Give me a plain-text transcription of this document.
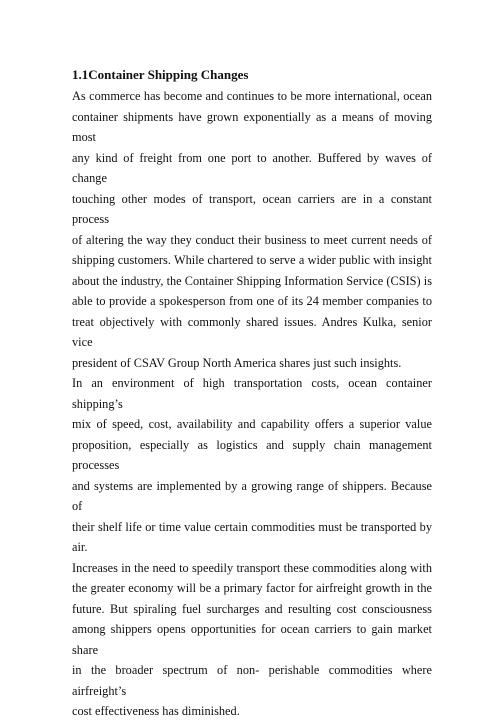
1.1Container Shipping Changes

As commerce has become and continues to be more international, ocean
container shipments have grown exponentially as a means of moving most
any kind of freight from one port to another. Buffered by waves of change
touching other modes of transport, ocean carriers are in a constant process
of altering the way they conduct their business to meet current needs of
shipping customers. While chartered to serve a wider public with insight
about the industry, the Container Shipping Information Service (CSIS) is
able to provide a spokesperson from one of its 24 member companies to
treat objectively with commonly shared issues. Andres Kulka, senior vice
president of CSAV Group North America shares just such insights.

In an environment of high transportation costs, ocean container shipping’s
mix of speed, cost, availability and capability offers a superior value
proposition, especially as logistics and supply chain management processes
and systems are implemented by a growing range of shippers. Because of
their shelf life or time value certain commodities must be transported by air.
Increases in the need to speedily transport these commodities along with
the greater economy will be a primary factor for airfreight growth in the
future. But spiraling fuel surcharges and resulting cost consciousness
among shippers opens opportunities for ocean carriers to gain market share
in the broader spectrum of non- perishable commodities where airfreight’s
cost effectiveness has diminished.
